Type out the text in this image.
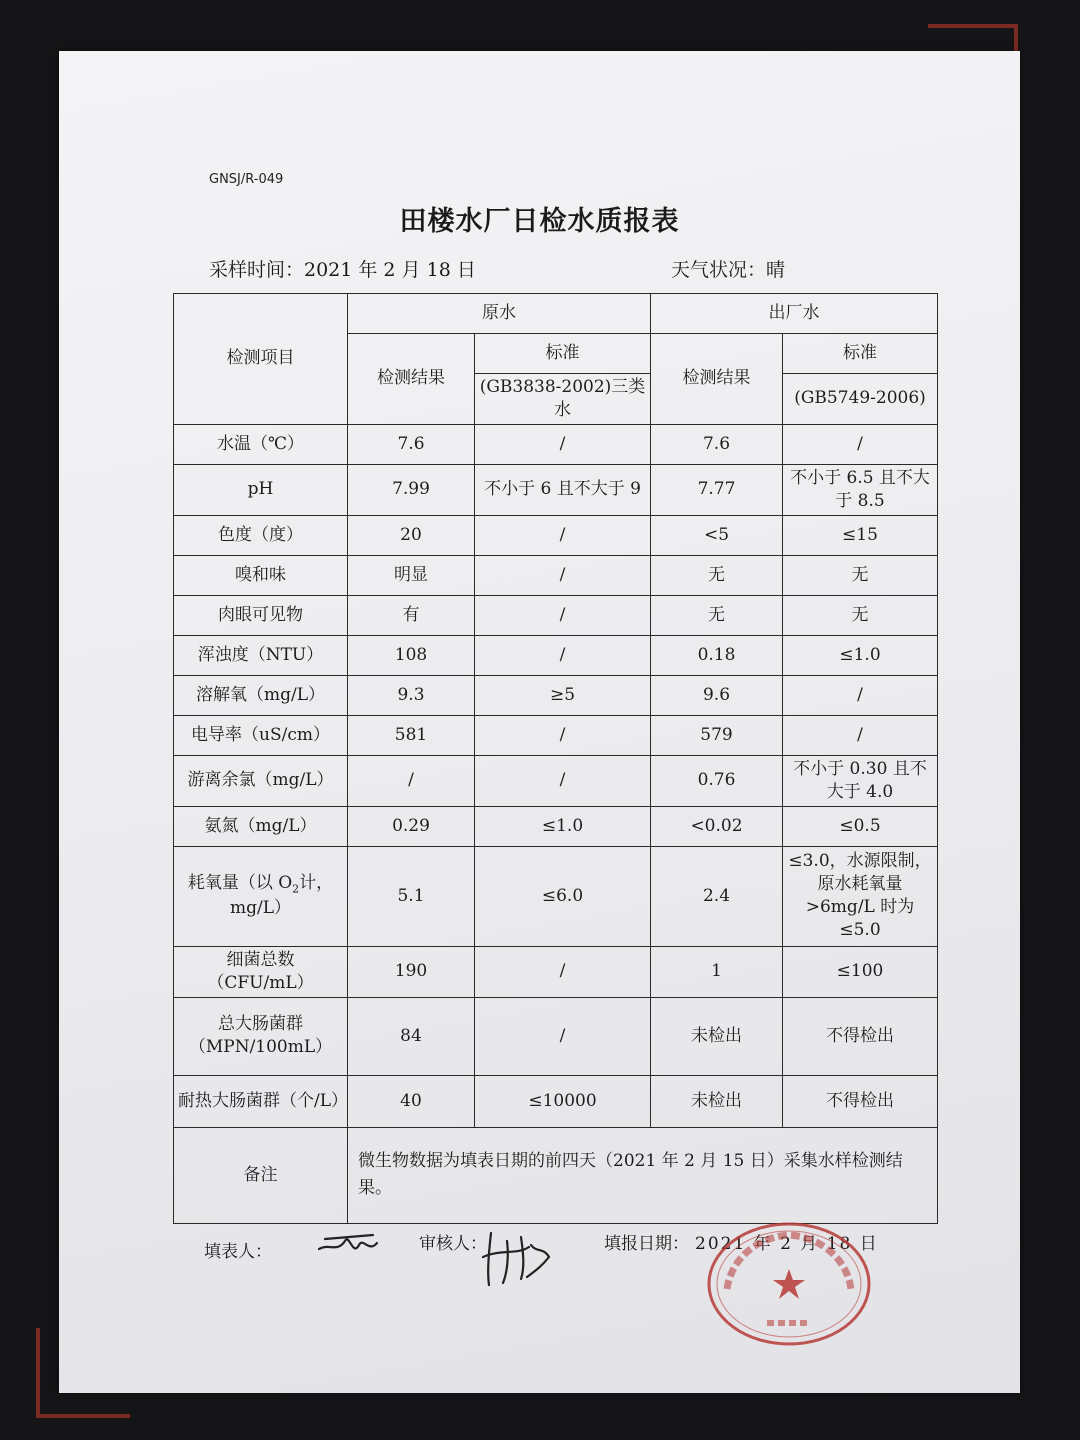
GNSJ/R-049
田楼水厂日检水质报表
采样时间：2021 年 2 月 18 日	天气状况：晴
检测项目	原水		出厂水	
	检测结果	标准	检测结果	标准
		(GB3838-2002)三类水		(GB5749-2006)
水温（℃）	7.6	/	7.6	/
pH	7.99	不小于 6 且不大于 9	7.77	不小于 6.5 且不大于 8.5
色度（度）	20	/	<5	≤15
嗅和味	明显	/	无	无
肉眼可见物	有	/	无	无
浑浊度（NTU）	108	/	0.18	≤1.0
溶解氧（mg/L）	9.3	≥5	9.6	/
电导率（uS/cm）	581	/	579	/
游离余氯（mg/L）	/	/	0.76	不小于 0.30 且不大于 4.0
氨氮（mg/L）	0.29	≤1.0	<0.02	≤0.5
耗氧量（以 $O_2$计，mg/L）	5.1	≤6.0	2.4	≤3.0，水源限制，原水耗氧量>6mg/L 时为≤5.0
细菌总数（CFU/mL）	190	/	1	≤100
总大肠菌群（MPN/100mL）	84	/	未检出	不得检出
耐热大肠菌群（个/L）	40	≤10000	未检出	不得检出
备注	微生物数据为填表日期的前四天（2021 年 2 月 15 日）采集水样检测结果。			
填表人：	审核人：	填报日期： 2021 年 2 月 18 日
